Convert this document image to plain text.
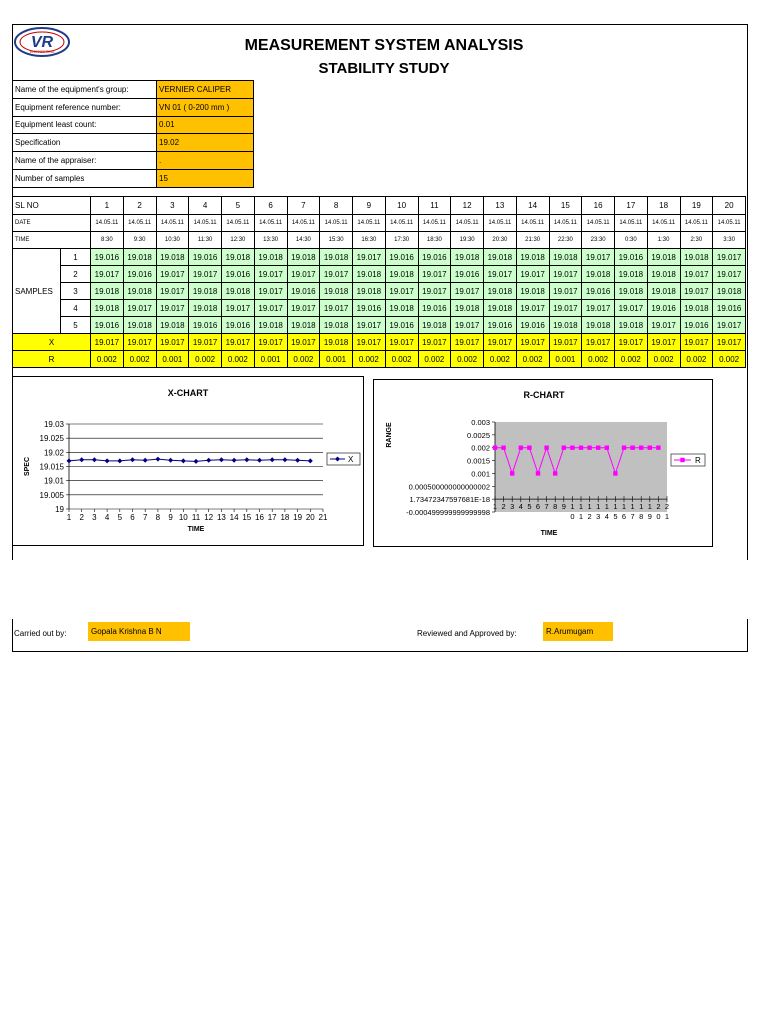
VR
ENGINEERING	MEASUREMENT SYSTEM ANALYSIS
STABILITY STUDY
Name of the equipment's group:	VERNIER CALIPER
Equipment reference number:	VN 01 ( 0-200 mm )
Equipment least count:	0.01
Specification	19.02
Name of the appraiser:	.
Number of samples	15
SL NO		1	2	3	4	5	6	7	8	9	10	11	12	13	14	15	16	17	18	19	20
DATE		14.05.11	14.05.11	14.05.11	14.05.11	14.05.11	14.05.11	14.05.11	14.05.11	14.05.11	14.05.11	14.05.11	14.05.11	14.05.11	14.05.11	14.05.11	14.05.11	14.05.11	14.05.11	14.05.11	14.05.11
TIME		8:30	9:30	10:30	11:30	12:30	13:30	14:30	15:30	16:30	17:30	18:30	19:30	20:30	21:30	22:30	23:30	0:30	1:30	2:30	3:30
SAMPLES	1	19.016	19.018	19.018	19.016	19.018	19.018	19.018	19.018	19.017	19.016	19.016	19.018	19.018	19.018	19.018	19.017	19.016	19.018	19.018	19.017
	2	19.017	19.016	19.017	19.017	19.016	19.017	19.017	19.017	19.018	19.018	19.017	19.016	19.017	19.017	19.017	19.018	19.018	19.018	19.017	19.017
	3	19.018	19.018	19.017	19.018	19.018	19.017	19.016	19.018	19.018	19.017	19.017	19.017	19.018	19.018	19.017	19.016	19.018	19.018	19.017	19.018
	4	19.018	19.017	19.017	19.018	19.017	19.017	19.017	19.017	19.016	19.018	19.016	19.018	19.018	19.017	19.017	19.017	19.017	19.016	19.018	19.016
	5	19.016	19.018	19.018	19.016	19.016	19.018	19.018	19.018	19.017	19.016	19.018	19.017	19.016	19.016	19.018	19.018	19.018	19.017	19.016	19.017
X		19.017	19.017	19.017	19.017	19.017	19.017	19.017	19.018	19.017	19.017	19.017	19.017	19.017	19.017	19.017	19.017	19.017	19.017	19.017	19.017
R		0.002	0.002	0.001	0.002	0.002	0.001	0.002	0.001	0.002	0.002	0.002	0.002	0.002	0.002	0.001	0.002	0.002	0.002	0.002	0.002
X-CHART
SPEC
TIME
19.03
19.025
19.02
19.015
19.01
19.005
19
1 2 3 4 5 6 7 8 9 10 11 12 13 14 15 16 17 18 19 20 21
X
R-CHART
RANGE
TIME
0.003
0.0025
0.002
0.0015
0.001
0.000500000000000002
1.73472347597681E-18
-0.000499999999999998
1 2 3 4 5 6 7 8 9 1
0
1
1
1
2
1
3
1
4
1
5
1
6
1
7
1
8
1
9
2
0
2
1
R
Carried out by:	Gopala Krishna B N	Reviewed and Approved by:	R.Arumugam
